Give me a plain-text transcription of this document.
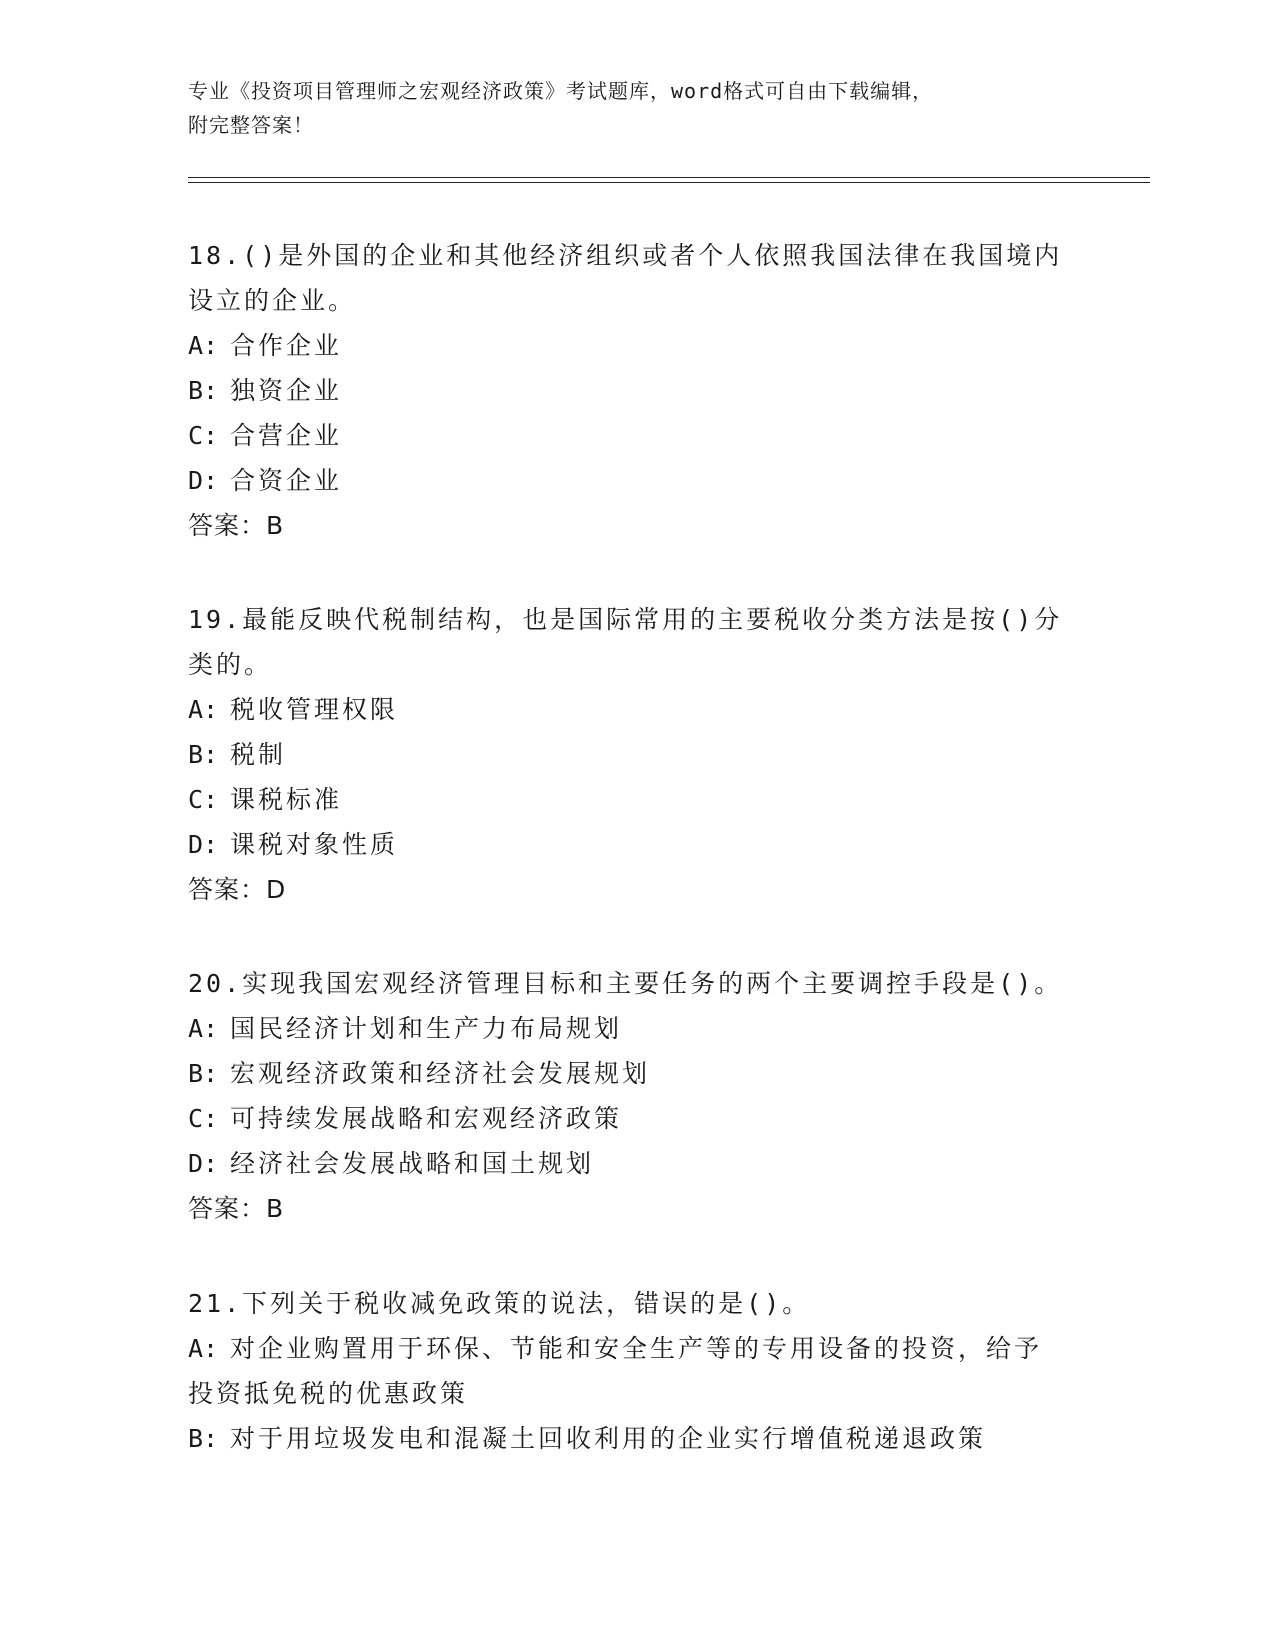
专业《投资项目管理师之宏观经济政策》考试题库，word格式可自由下载编辑，
附完整答案！
18.()是外国的企业和其他经济组织或者个人依照我国法律在我国境内
设立的企业。
A: 合作企业
B: 独资企业
C: 合营企业
D: 合资企业
答案：B
19.最能反映代税制结构，也是国际常用的主要税收分类方法是按()分
类的。
A: 税收管理权限
B: 税制
C: 课税标准
D: 课税对象性质
答案：D
20.实现我国宏观经济管理目标和主要任务的两个主要调控手段是()。
A: 国民经济计划和生产力布局规划
B: 宏观经济政策和经济社会发展规划
C: 可持续发展战略和宏观经济政策
D: 经济社会发展战略和国土规划
答案：B
21.下列关于税收减免政策的说法，错误的是()。
A: 对企业购置用于环保、节能和安全生产等的专用设备的投资，给予
投资抵免税的优惠政策
B: 对于用垃圾发电和混凝土回收利用的企业实行增值税递退政策
